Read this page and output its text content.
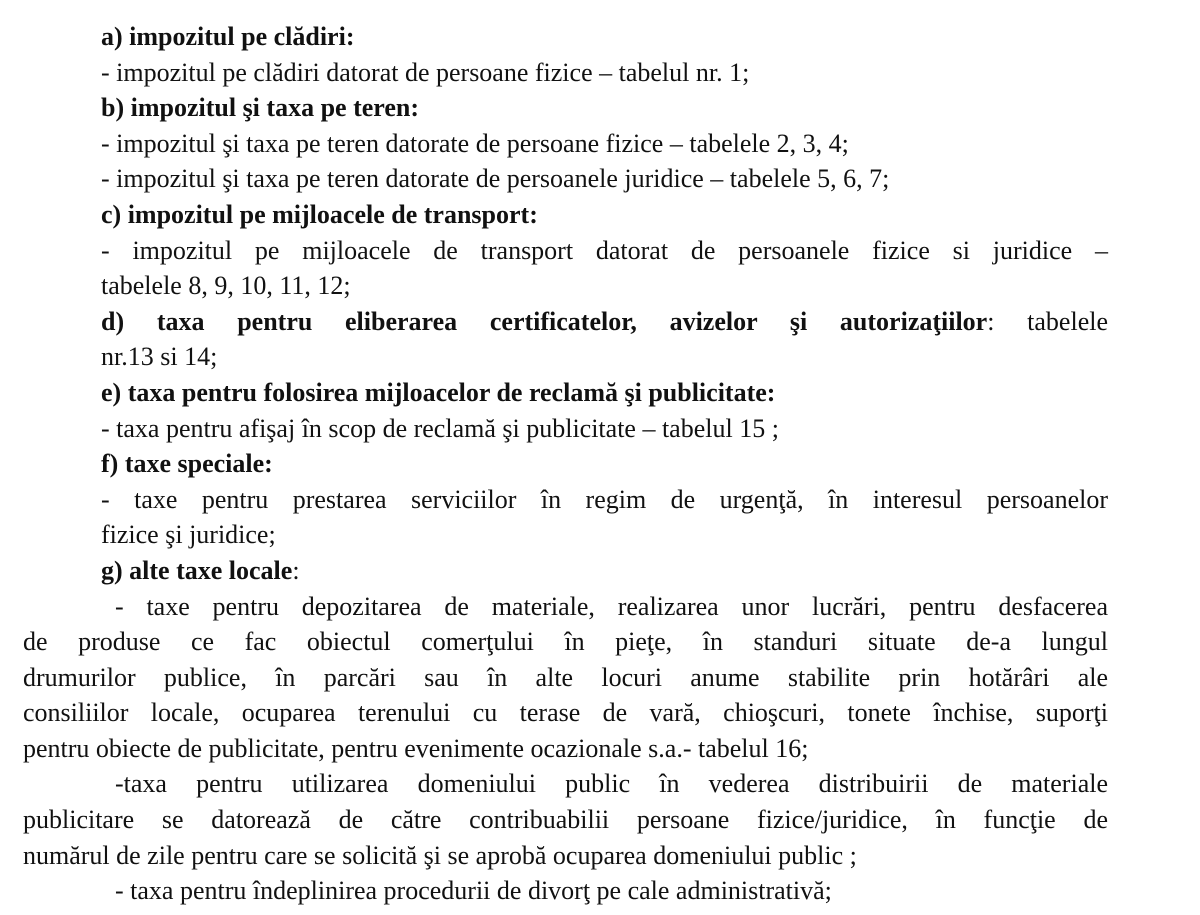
a) impozitul pe clădiri:

- impozitul pe clădiri datorat de persoane fizice – tabelul nr. 1;

b) impozitul şi taxa pe teren:

- impozitul şi taxa pe teren datorate de persoane fizice – tabelele 2, 3, 4;

- impozitul şi taxa pe teren datorate de persoanele juridice – tabelele 5, 6, 7;

c) impozitul pe mijloacele de transport:

- impozitul pe mijloacele de transport datorat de persoanele fizice si juridice –

tabelele 8, 9, 10, 11, 12;

d) taxa pentru eliberarea certificatelor, avizelor şi autorizaţiilor: tabelele

nr.13 si 14;

e) taxa pentru folosirea mijloacelor de reclamă şi publicitate:

- taxa pentru afişaj în scop de reclamă şi publicitate – tabelul 15 ;

f) taxe speciale:

- taxe pentru prestarea serviciilor în regim de urgenţă, în interesul persoanelor

fizice şi juridice;

g) alte taxe locale:

- taxe pentru depozitarea de materiale, realizarea unor lucrări, pentru desfacerea

de produse ce fac obiectul comerţului în pieţe, în standuri situate de-a lungul

drumurilor publice, în parcări sau în alte locuri anume stabilite prin hotărâri ale

consiliilor locale, ocuparea terenului cu terase de vară, chioşcuri, tonete închise, suporţi

pentru obiecte de publicitate, pentru evenimente ocazionale s.a.- tabelul 16;

-taxa pentru utilizarea domeniului public în vederea distribuirii de materiale

publicitare se datorează de către contribuabilii persoane fizice/juridice, în funcţie de

numărul de zile pentru care se solicită şi se aprobă ocuparea domeniului public ;

- taxa pentru îndeplinirea procedurii de divorţ pe cale administrativă;
